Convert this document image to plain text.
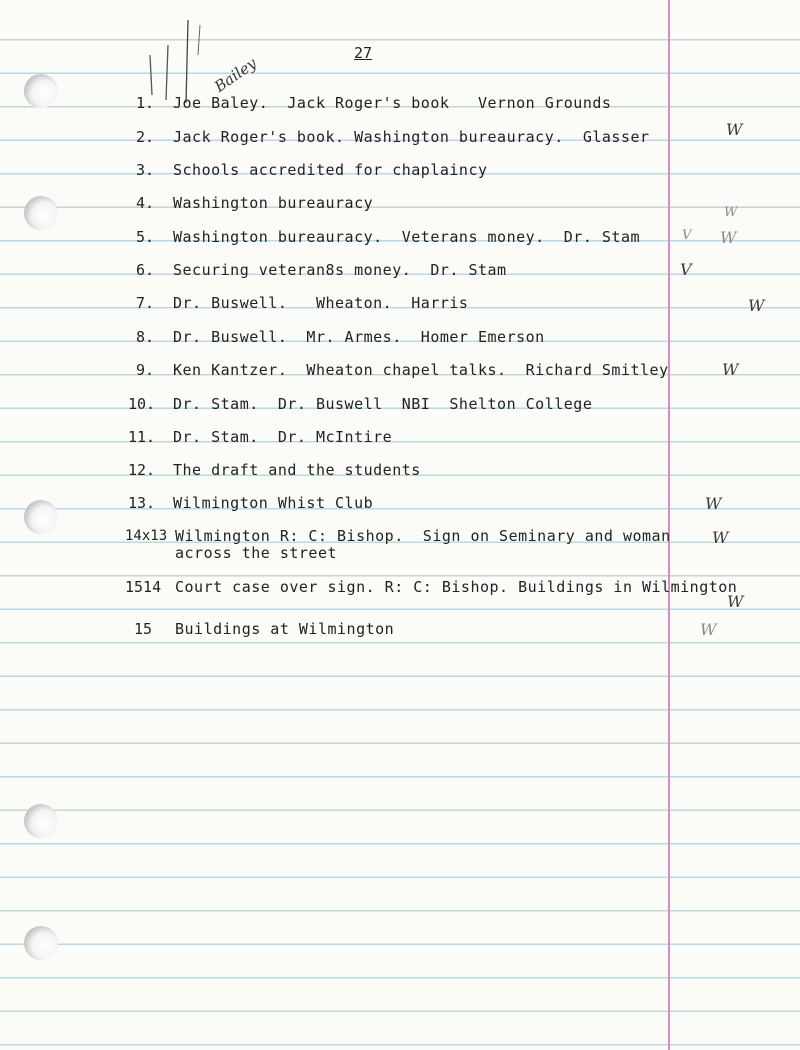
27
Bailey
1. Joe Baley.  Jack Roger's book   Vernon Grounds
2. Jack Roger's book. Washington bureauracy.  Glasser
3. Schools accredited for chaplaincy
4. Washington bureauracy
5. Washington bureauracy.  Veterans money.  Dr. Stam
6. Securing veteran8s money.  Dr. Stam
7. Dr. Buswell.   Wheaton.  Harris
8. Dr. Buswell.  Mr. Armes.  Homer Emerson
9. Ken Kantzer.  Wheaton chapel talks.  Richard Smitley
10. Dr. Stam.  Dr. Buswell  NBI  Shelton College
11. Dr. Stam.  Dr. McIntire
12. The draft and the students
13. Wilmington Whist Club
14x13 Wilmington R: C: Bishop.  Sign on Seminary and woman
across the street
1514 Court case over sign. R: C: Bishop. Buildings in Wilmington
15 Buildings at Wilmington
W
W
V W
V
W
W
W
W
W
W
